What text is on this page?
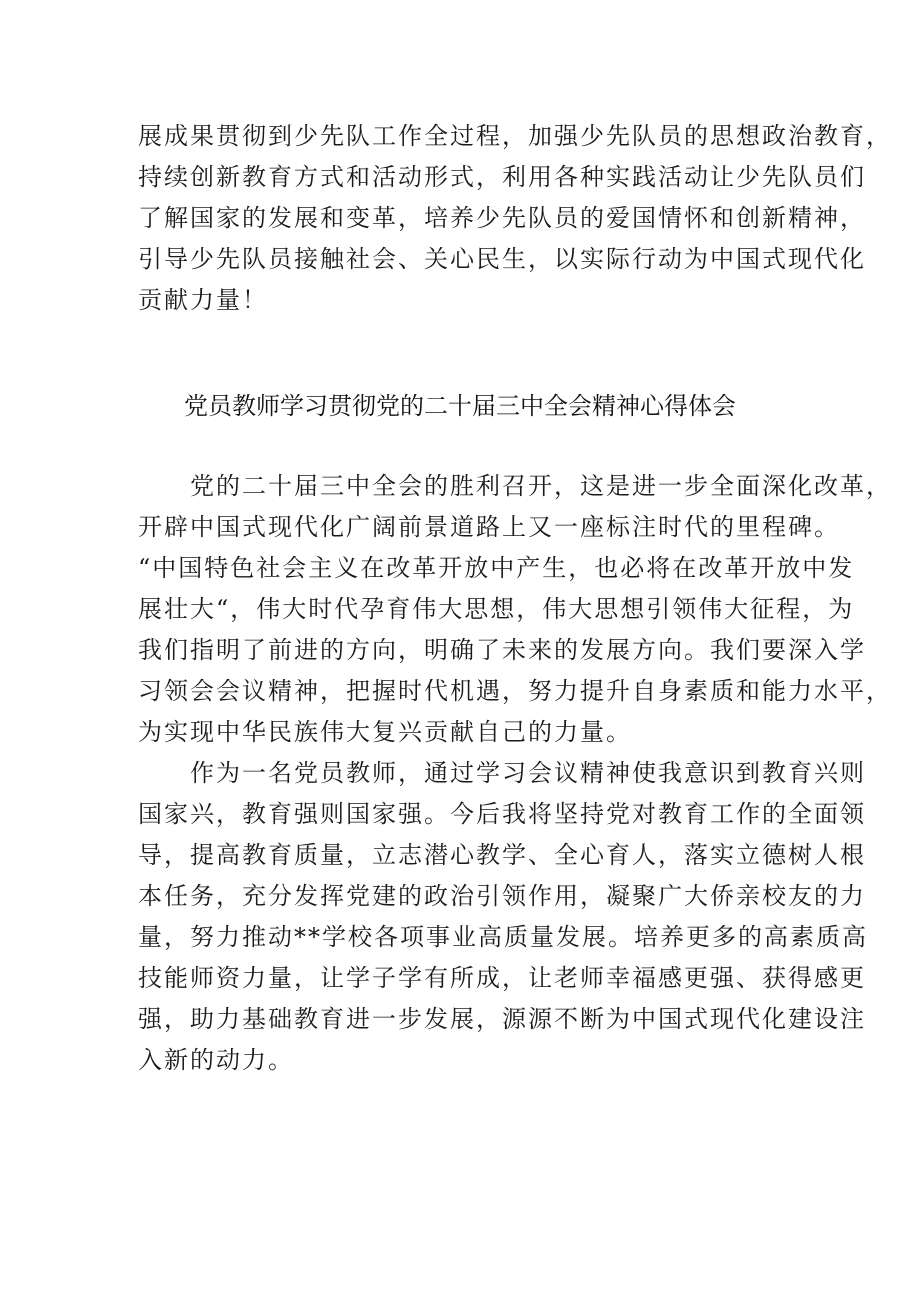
展成果贯彻到少先队工作全过程，加强少先队员的思想政治教育，
持续创新教育方式和活动形式，利用各种实践活动让少先队员们
了解国家的发展和变革，培养少先队员的爱国情怀和创新精神，
引导少先队员接触社会、关心民生，以实际行动为中国式现代化
贡献力量！
党员教师学习贯彻党的二十届三中全会精神心得体会
　　党的二十届三中全会的胜利召开，这是进一步全面深化改革，
开辟中国式现代化广阔前景道路上又一座标注时代的里程碑。
“中国特色社会主义在改革开放中产生，也必将在改革开放中发
展壮大“，伟大时代孕育伟大思想，伟大思想引领伟大征程，为
我们指明了前进的方向，明确了未来的发展方向。我们要深入学
习领会会议精神，把握时代机遇，努力提升自身素质和能力水平，
为实现中华民族伟大复兴贡献自己的力量。
　　作为一名党员教师，通过学习会议精神使我意识到教育兴则
国家兴，教育强则国家强。今后我将坚持党对教育工作的全面领
导，提高教育质量，立志潜心教学、全心育人，落实立德树人根
本任务，充分发挥党建的政治引领作用，凝聚广大侨亲校友的力
量，努力推动**学校各项事业高质量发展。培养更多的高素质高
技能师资力量，让学子学有所成，让老师幸福感更强、获得感更
强，助力基础教育进一步发展，源源不断为中国式现代化建设注
入新的动力。
